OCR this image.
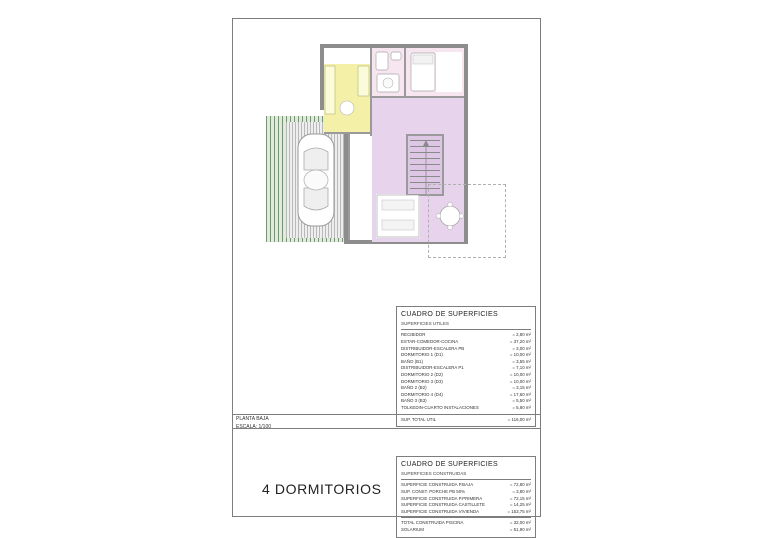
CUADRO DE SUPERFICIES
SUPERFICIES UTILES
RECIBIDOR	= 2,80 m²
ESTAR-COMEDOR-COCINA	= 37,20 m²
DISTRIBUIDOR-ESCALERA PB	= 3,00 m²
DORMITORIO 1 (D1)	= 10,00 m²
BAÑO (B1)	= 3,55 m²
DISTRIBUIDOR-ESCALERA P1	= 7,10 m²
DORMITORIO 2 (D2)	= 10,00 m²
DORMITORIO 3 (D3)	= 10,00 m²
BAÑO 2 (B2)	= 3,15 m²
DORMITORIO 4 (D4)	= 17,60 m²
BAÑO 3 (B3)	= 5,50 m²
TOLKEDIN-CUARTO INSTALACIONES	= 5,80 m²
SUP. TOTAL UTIL	= 116,00 m²
CUADRO DE SUPERFICIES
SUPERFICIES CONSTRUIDAS
SUPERFICIE CONSTRUIDA P.BAJA	= 72,80 m²
SUP. CONST. PORCHE PB 50%	= 3,80 m²
SUPERFICIE CONSTRUIDA P.PRIMERA	= 72,15 m²
SUPERFICIE CONSTRUIDA CASTILLETE	= 14,25 m²
SUPERFICIE CONSTRUIDA VIVIENDA	= 153,75 m²
TOTAL CONSTRUIDA PISCINA	= 32,00 m²
SOLARIUM	= 51,90 m²
PLANTA BAJA
ESCALA: 1/100
4 DORMITORIOS
